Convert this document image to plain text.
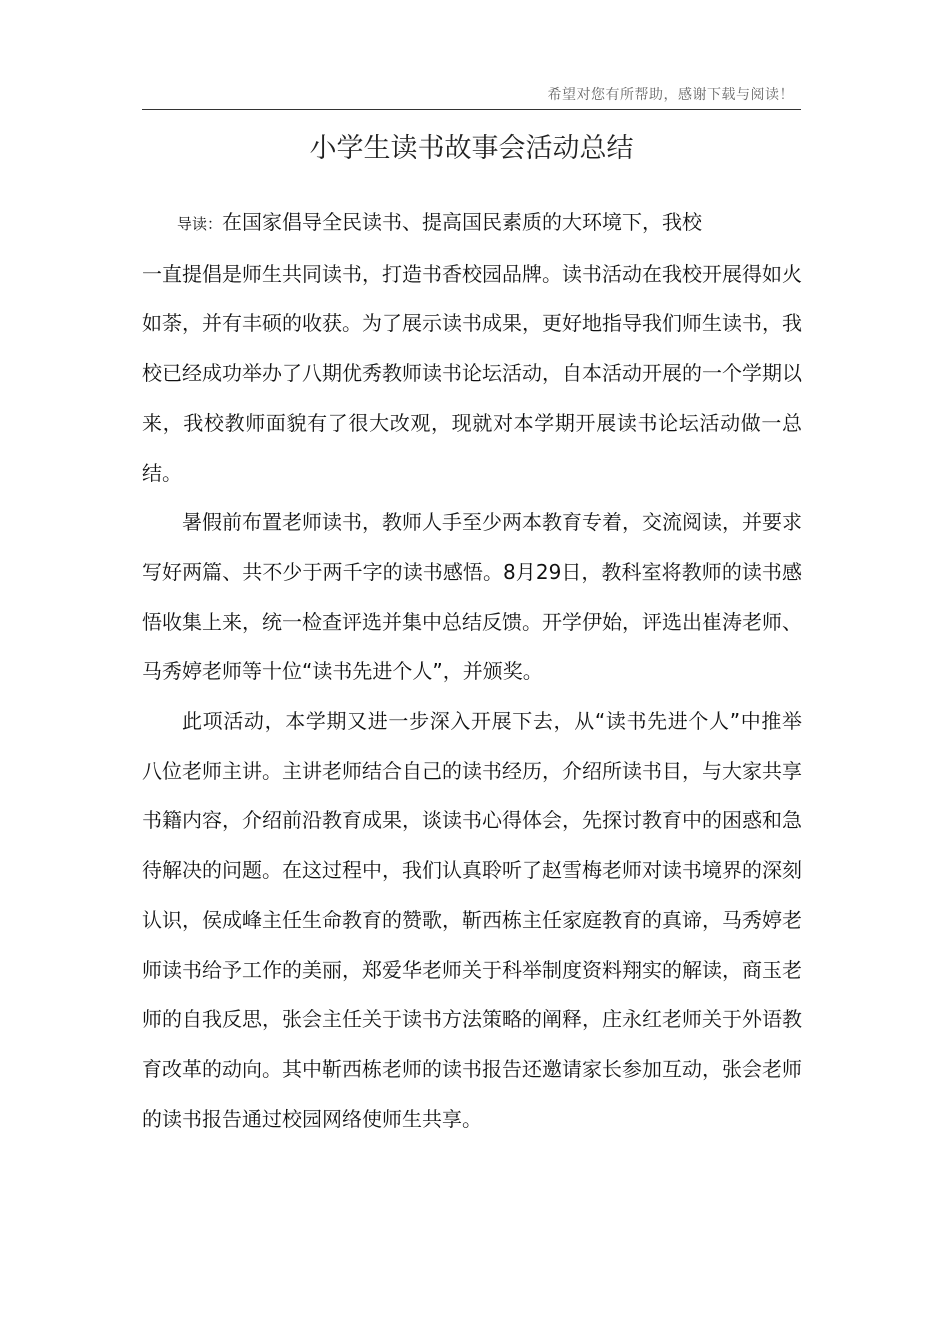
希望对您有所帮助，感谢下载与阅读！
小学生读书故事会活动总结

导读：在国家倡导全民读书、提高国民素质的大环境下，我校

一直提倡是师生共同读书，打造书香校园品牌。读书活动在我校开展得如火如荼，并有丰硕的收获。为了展示读书成果，更好地指导我们师生读书，我校已经成功举办了八期优秀教师读书论坛活动，自本活动开展的一个学期以来，我校教师面貌有了很大改观，现就对本学期开展读书论坛活动做一总结。

暑假前布置老师读书，教师人手至少两本教育专着，交流阅读，并要求写好两篇、共不少于两千字的读书感悟。8月29日，教科室将教师的读书感悟收集上来，统一检查评选并集中总结反馈。开学伊始，评选出崔涛老师、马秀婷老师等十位“读书先进个人”，并颁奖。

此项活动，本学期又进一步深入开展下去，从“读书先进个人”中推举八位老师主讲。主讲老师结合自己的读书经历，介绍所读书目，与大家共享书籍内容，介绍前沿教育成果，谈读书心得体会，先探讨教育中的困惑和急待解决的问题。在这过程中，我们认真聆听了赵雪梅老师对读书境界的深刻认识，侯成峰主任生命教育的赞歌，靳西栋主任家庭教育的真谛，马秀婷老师读书给予工作的美丽，郑爱华老师关于科举制度资料翔实的解读，商玉老师的自我反思，张会主任关于读书方法策略的阐释，庄永红老师关于外语教育改革的动向。其中靳西栋老师的读书报告还邀请家长参加互动，张会老师的读书报告通过校园网络使师生共享。
